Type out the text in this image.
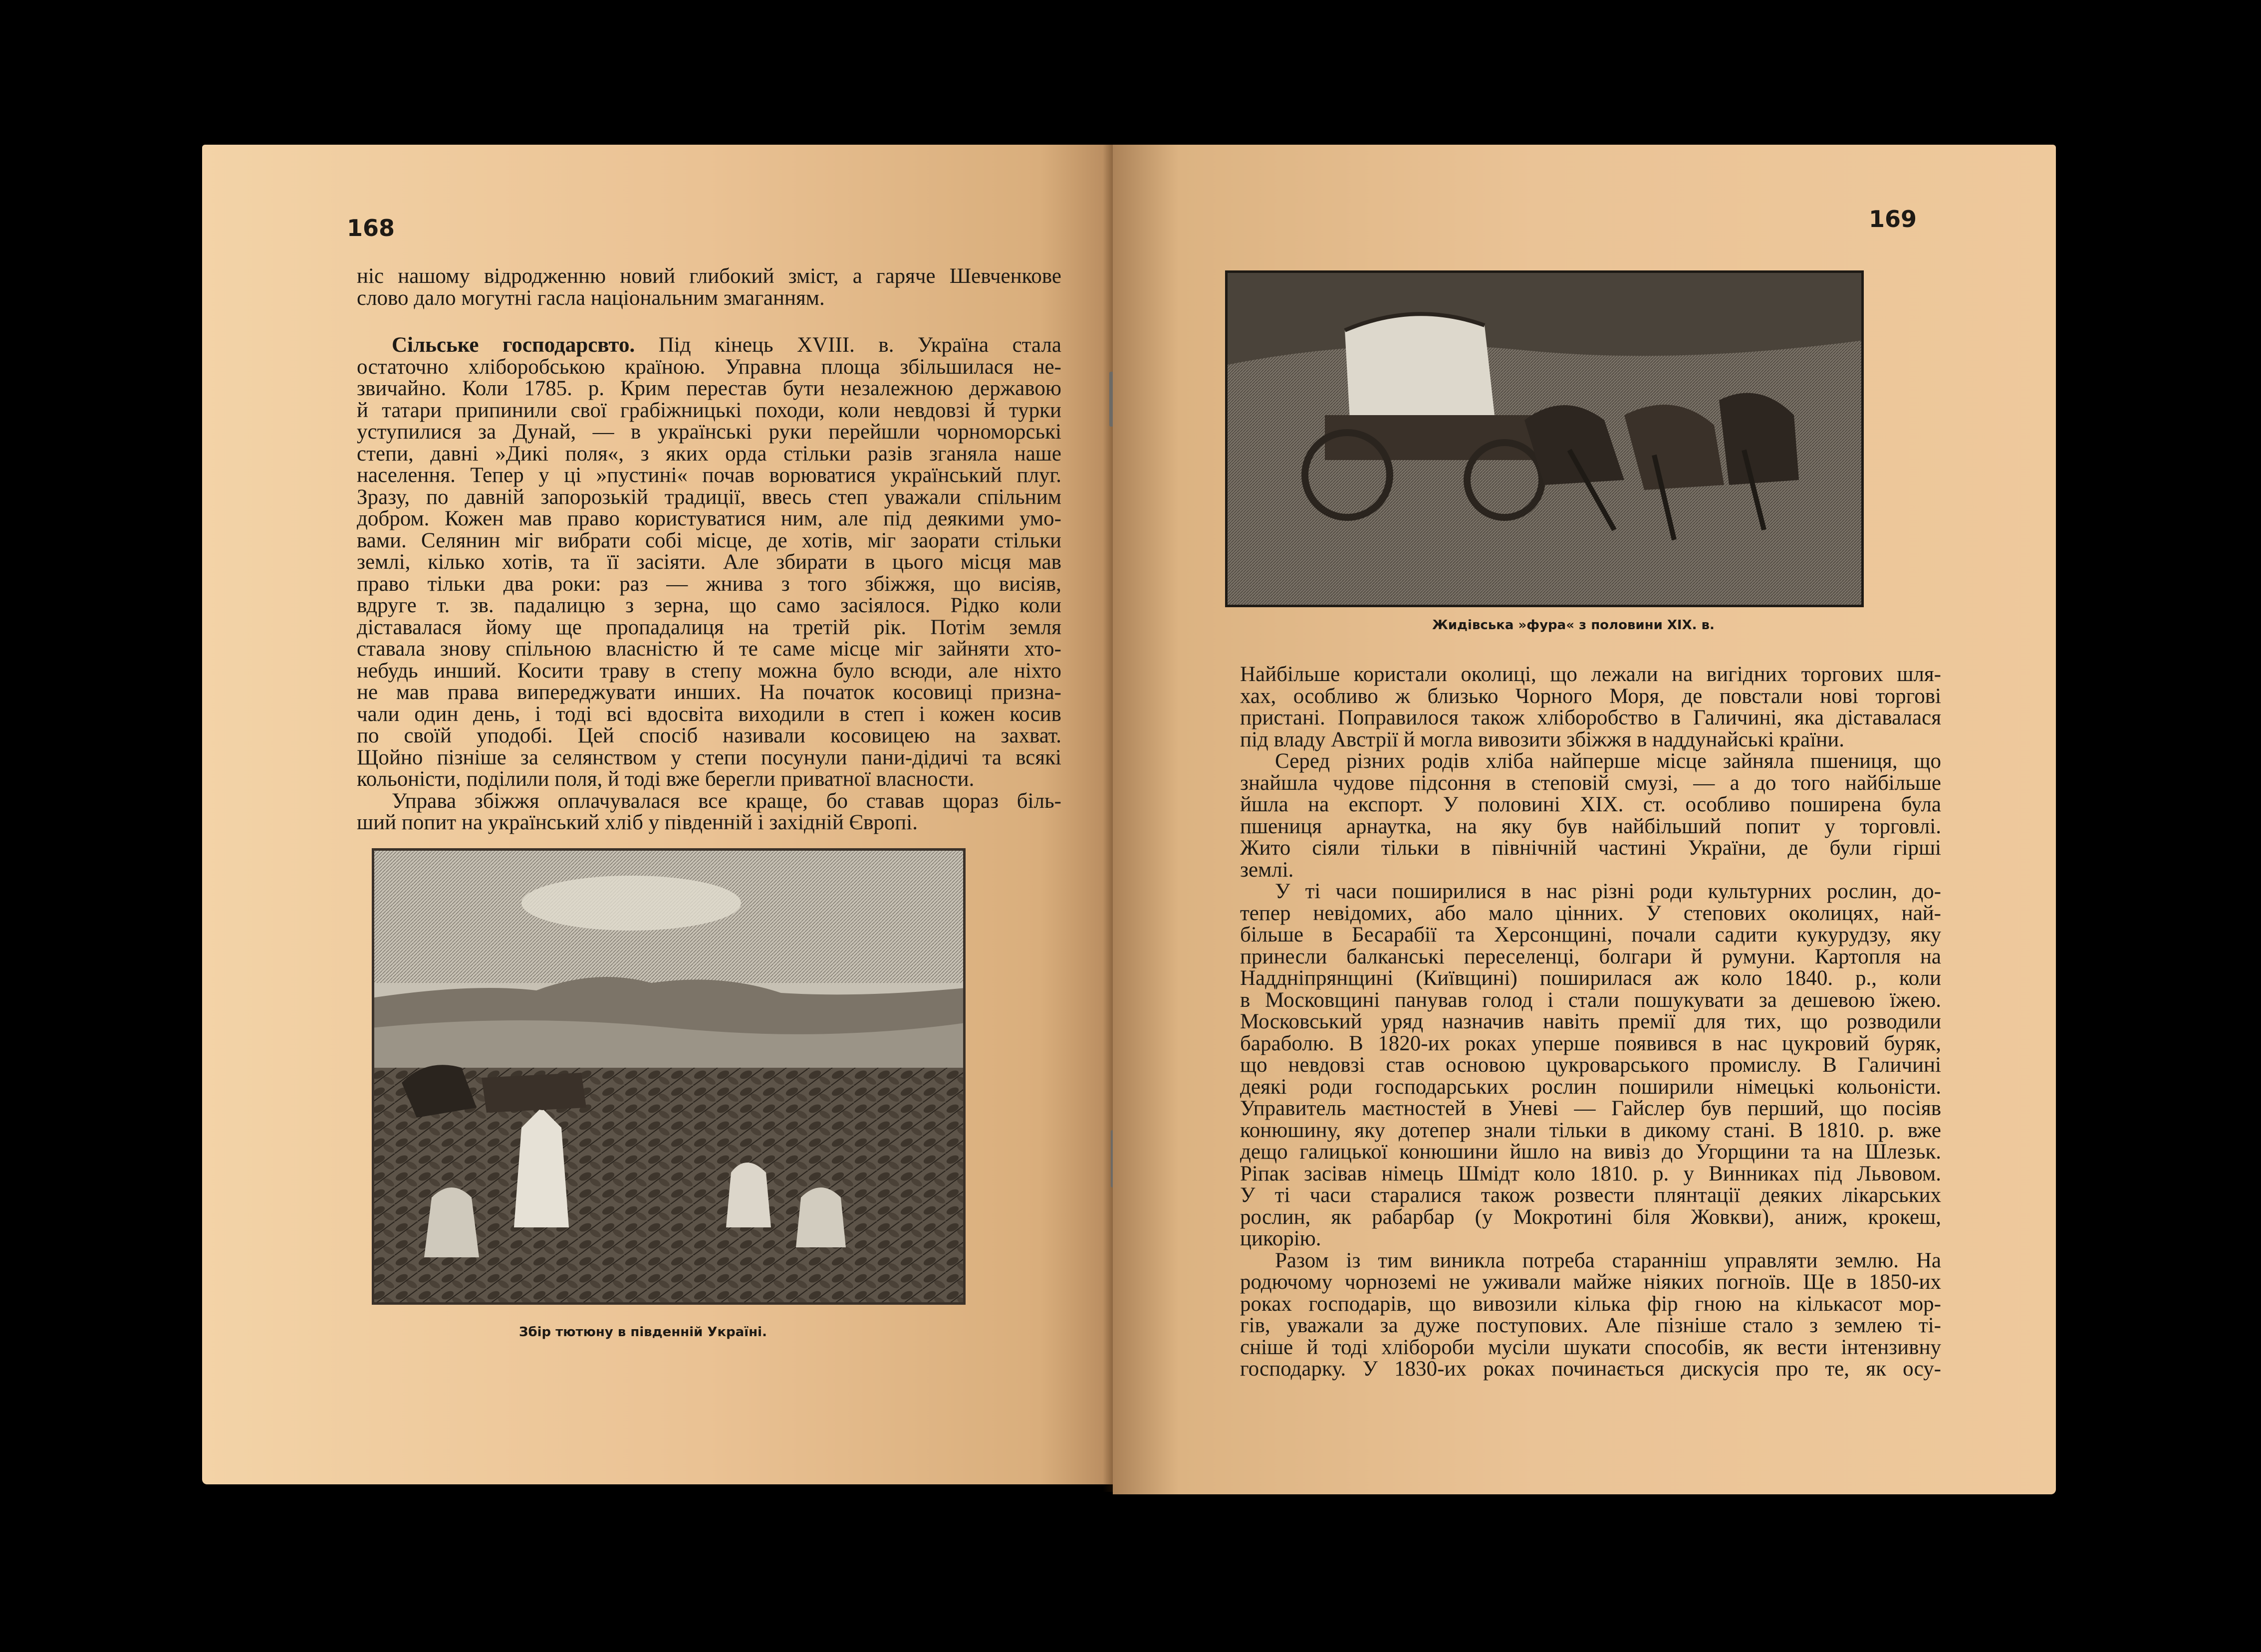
168

ніс нашому відродженню новий глибокий зміст, а гаряче Шевченкове

слово дало могутні гасла національним змаганням.

Сільське господарсвто. Під кінець XVIII. в. Україна стала

остаточно хліборобською країною. Управна площа збільшилася не-

звичайно. Коли 1785. р. Крим перестав бути незалежною державою

й татари припинили свої грабіжницькі походи, коли невдовзі й турки

уступилися за Дунай, — в українські руки перейшли чорноморські

степи, давні »Дикі поля«, з яких орда стільки разів зганяла наше

населення. Тепер у ці »пустині« почав ворюватися український плуг.

Зразу, по давній запорозькій традиції, ввесь степ уважали спільним

добром. Кожен мав право користуватися ним, але під деякими умо-

вами. Селянин міг вибрати собі місце, де хотів, міг заорати стільки

землі, кілько хотів, та її засіяти. Але збирати в цього місця мав

право тільки два роки: раз — жнива з того збіжжя, що висіяв,

вдруге т. зв. падалицю з зерна, що само засіялося. Рідко коли

діставалася йому ще пропадалиця на третій рік. Потім земля

ставала знову спільною власністю й те саме місце мiг зайняти хто-

небудь инший. Косити траву в степу можна було всюди, але ніхто

не мав права випереджувати инших. На початок косовиці призна-

чали один день, і тоді всі вдосвіта виходили в степ і кожен косив

по своїй уподобі. Цей спосіб називали косовицею на захват.

Щойно пізніше за селянством у степи посунули пани-дідичі та всякі

кольоністи, поділили поля, й тоді вже берегли приватної власности.

Управа збіжжя оплачувалася все краще, бо ставав щораз біль-

ший попит на український хліб у південній і західній Європі.

Збір тютюну в південній Україні.
169
Жидівська »фура« з половини XIX. в.

Найбільше користали околиці, що лежали на вигідних торгових шля-

хах, особливо ж близько Чорного Моря, де повстали нові торгові

пристані. Поправилося також хліборобство в Галичині, яка діставалася

під владу Австрії й могла вивозити збіжжя в наддунайські країни.

Серед різних родів хліба найперше місце зайняла пшениця, що

знайшла чудове підсоння в степовій смузі, — а до того найбільше

йшла на експорт. У половині XIX. ст. особливо поширена була

пшениця арнаутка, на яку був найбільший попит у торговлі.

Жито сіяли тільки в північній частині України, де були гірші

землі.

У ті часи поширилися в нас різні роди культурних рослин, до-

тепер невідомих, або мало цінних. У степових околицях, най-

більше в Бесарабії та Херсонщині, почали садити кукурудзу, яку

принесли балканські переселенці, болгари й румуни. Картопля на

Наддніпрянщині (Київщині) поширилася аж коло 1840. р., коли

в Московщині панував голод і стали пошукувати за дешевою їжею.

Московський уряд назначив навіть премії для тих, що розводили

бараболю. В 1820-их роках уперше появився в нас цукровий буряк,

що невдовзі став основою цукроварського промислу. В Галичині

деякі роди господарських рослин поширили німецькі кольоністи.

Управитель маєтностей в Уневі — Гайслер був перший, що посіяв

конюшину, яку дотепер знали тільки в дикому стані. В 1810. р. вже

дещо галицької конюшини йшло на вивіз до Угорщини та на Шлезьк.

Ріпак засівав німець Шмідт коло 1810. р. у Винниках під Львовом.

У ті часи старалися також розвести плянтації деяких лікарських

рослин, як рабарбар (у Мокротині біля Жовкви), аниж, крокеш,

цикорію.

Разом із тим виникла потреба старанніш управляти землю. На

родючому чорноземі не уживали майже ніяких погноїв. Ще в 1850-их

роках господарів, що вивозили кілька фір гною на кількасот мор-

гів, уважали за дуже поступових. Але пізніше стало з землею ті-

сніше й тоді хлібороби мусіли шукати способів, як вести інтензивну

господарку. У 1830-их роках починається дискусія про те, як осу-
